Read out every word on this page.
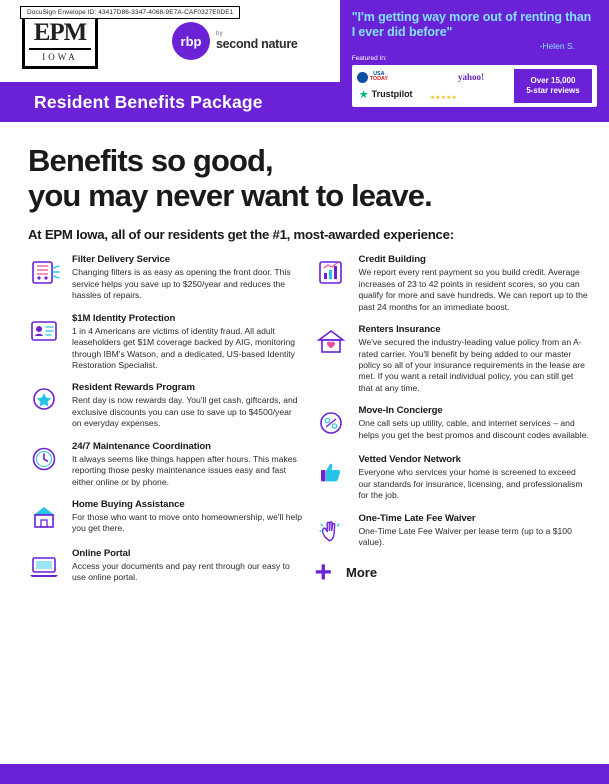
DocuSign Envelope ID: 43417D86-3347-4068-9E7A-CAF0327E0DE1
EPM
IOWA
rbp	by
second nature
Resident Benefits Package
"I'm getting way more out of renting than I ever did before"
-Helen S.
Featured In:
USA
TODAY Forbes This Old
House yahoo! Inc.
★ Trustpilot Google
★★★★★
Over 15,000
5-star reviews
Benefits so good,
you may never want to leave.
At EPM Iowa, all of our residents get the #1, most-awarded experience:
Filter Delivery Service

Changing filters is as easy as opening the front door. This service helps you save up to $250/year and reduces the hassles of repairs.

$1M Identity Protection

1 in 4 Americans are victims of identity fraud. All adult leaseholders get $1M coverage backed by AIG, monitoring through IBM's Watson, and a dedicated, US-based Identity Restoration Specialist.

Resident Rewards Program

Rent day is now rewards day. You'll get cash, giftcards, and exclusive discounts you can use to save up to $4500/year on everyday expenses.

24/7 Maintenance Coordination

It always seems like things happen after hours. This makes reporting those pesky maintenance issues easy and fast either online or by phone.

Home Buying Assistance

For those who want to move onto homeownership, we'll help you get there.

Online Portal

Access your documents and pay rent through our easy to use online portal.

Credit Building

We report every rent payment so you build credit. Average increases of 23 to 42 points in resident scores, so you can qualify for more and save hundreds. We can report up to the past 24 months for an immediate boost.

Renters Insurance

We've secured the industry-leading value policy from an A-rated carrier. You'll benefit by being added to our master policy so all of your insurance requirements in the lease are met. If you want a retail individual policy, you can still get that at any time.

Move-In Concierge

One call sets up utility, cable, and internet services – and helps you get the best promos and discount codes available.

Vetted Vendor Network

Everyone who services your home is screened to exceed our standards for insurance, licensing, and professionalism for the job.

One-Time Late Fee Waiver

One-Time Late Fee Waiver per lease term (up to a $100 value).

+ More
